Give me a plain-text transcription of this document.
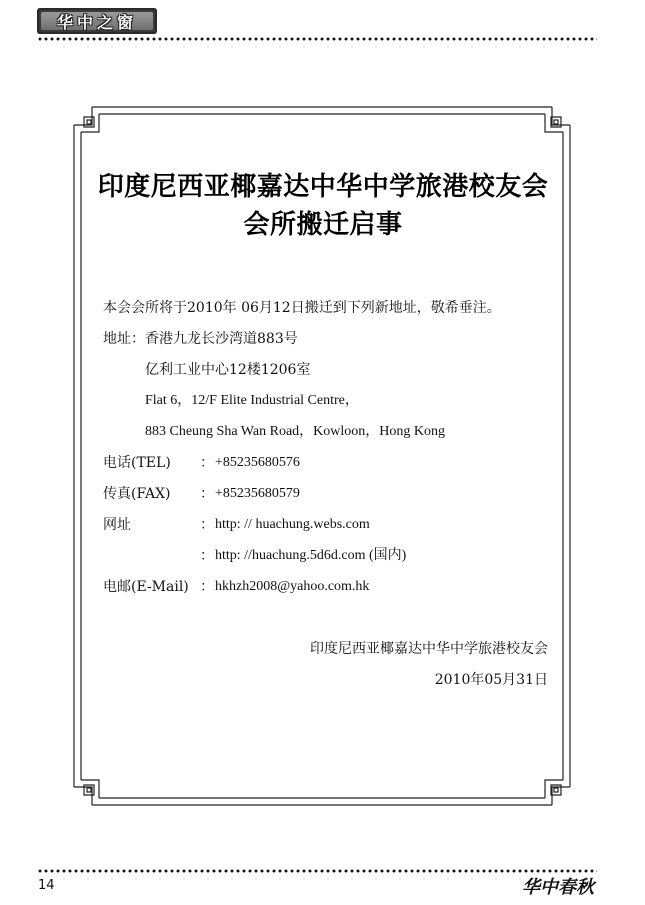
华中之窗
印度尼西亚椰嘉达中华中学旅港校友会
会所搬迁启事
本会会所将于2010年 06月12日搬迁到下列新地址，敬希垂注。
地址：香港九龙长沙湾道883号
亿利工业中心12楼1206室
Flat 6，12/F Elite Industrial Centre，
883 Cheung Sha Wan Road，Kowloon，Hong Kong
电话(TEL) ： +85235680576
传真(FAX) ： +85235680579
网址	： http: // huachung.webs.com
： http: //huachung.5d6d.com (国内)
电邮(E-Mail) ： hkhzh2008@yahoo.com.hk
印度尼西亚椰嘉达中华中学旅港校友会
2010年05月31日
14	华中春秋
